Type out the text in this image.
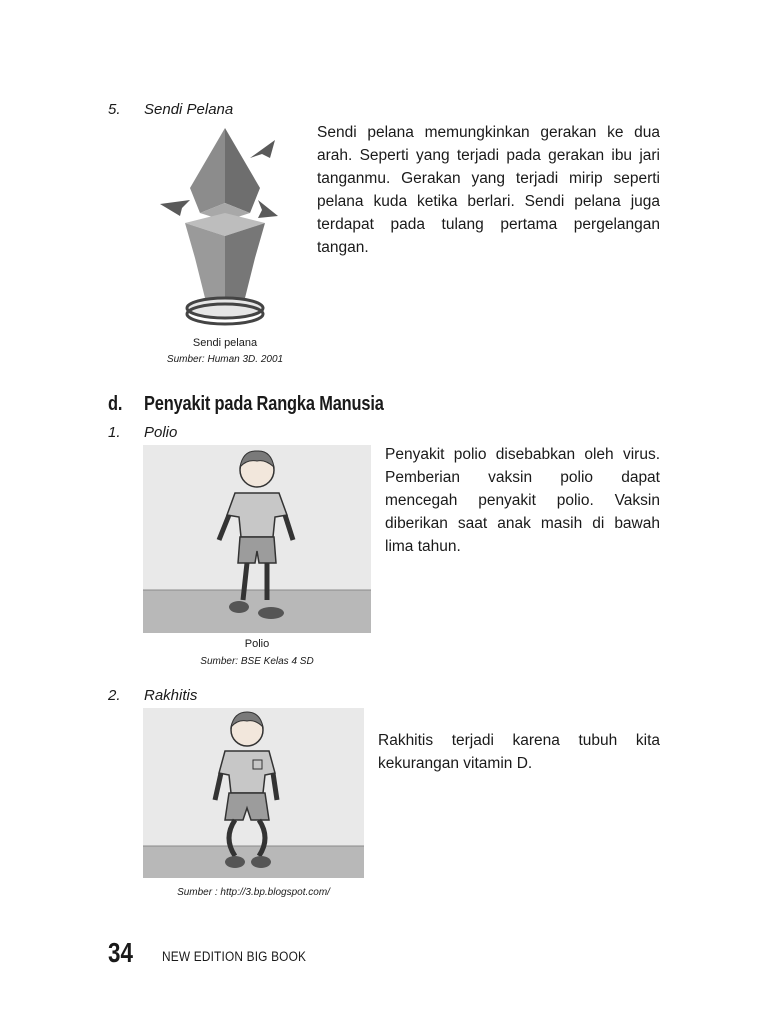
5. Sendi Pelana
Sendi pelana memungkinkan gerakan ke dua arah. Seperti yang terjadi pada gerakan ibu jari tanganmu. Gerakan yang terjadi mirip seperti pelana kuda ketika berlari. Sendi pelana juga terdapat pada tulang pertama pergelangan tangan.
Sendi pelana
Sumber: Human 3D. 2001
d. Penyakit pada Rangka Manusia
1. Polio
Penyakit polio disebabkan oleh virus. Pemberian vaksin polio dapat mencegah penyakit polio. Vaksin diberikan saat anak masih di bawah lima tahun.
Polio
Sumber: BSE Kelas 4 SD
2. Rakhitis
Rakhitis terjadi karena tubuh kita kekurangan vitamin D.
Sumber : http://3.bp.blogspot.com/
34 NEW EDITION BIG BOOK
